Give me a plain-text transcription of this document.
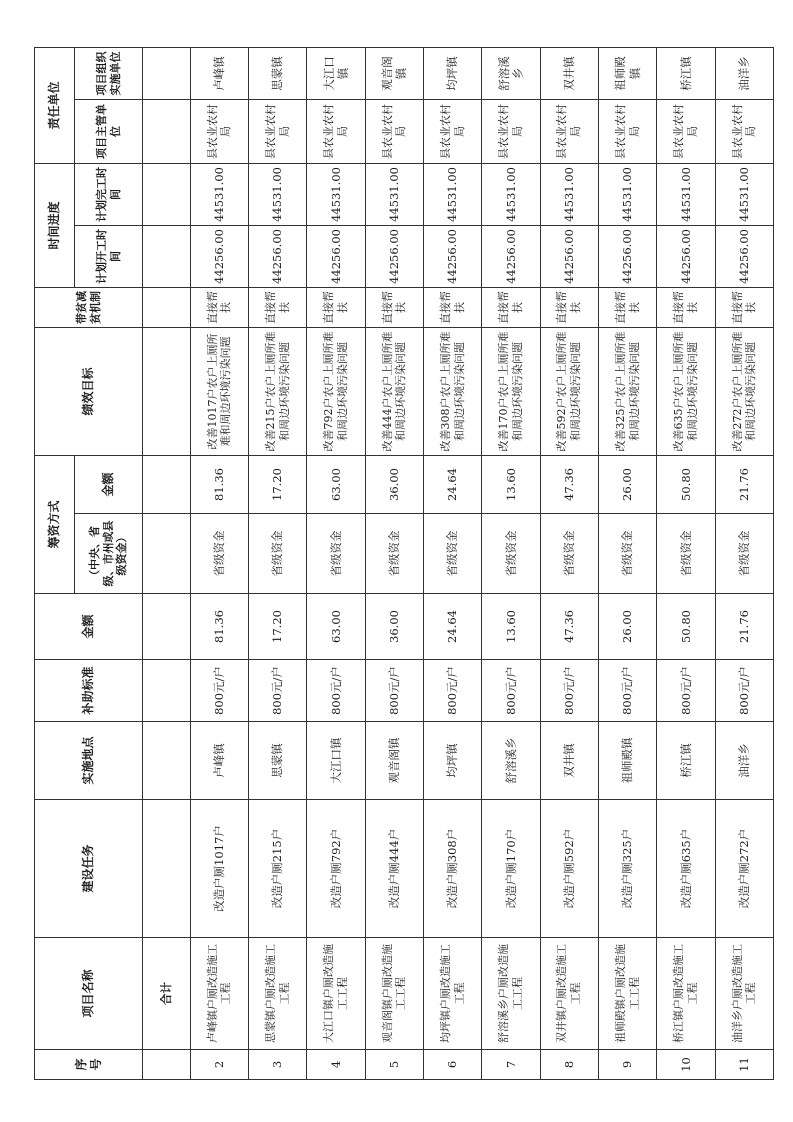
序号	项目名称	建设任务	实施地点	补助标准	金额	筹资方式		绩效目标	带贫减贫机制	时间进度		责任单位	
						（中央、省级、市州或县级资金）	金额			计划开工时间	计划完工时间	项目主管单位	项目组织实施单位
	合计												
2	卢峰镇户厕改造施工工程	改造户厕1017户	卢峰镇	800元/户	81.36	省级资金	81.36	改善1017户农户上厕所难和周边环境污染问题	直接帮扶	44256.00	44531.00	县农业农村局	卢峰镇
3	思蒙镇户厕改造施工工程	改造户厕215户	思蒙镇	800元/户	17.20	省级资金	17.20	改善215户农户上厕所难和周边环境污染问题	直接帮扶	44256.00	44531.00	县农业农村局	思蒙镇
4	大江口镇户厕改造施工工程	改造户厕792户	大江口镇	800元/户	63.00	省级资金	63.00	改善792户农户上厕所难和周边环境污染问题	直接帮扶	44256.00	44531.00	县农业农村局	大江口镇
5	观音阁镇户厕改造施工工程	改造户厕444户	观音阁镇	800元/户	36.00	省级资金	36.00	改善444户农户上厕所难和周边环境污染问题	直接帮扶	44256.00	44531.00	县农业农村局	观音阁镇
6	均坪镇户厕改造施工工程	改造户厕308户	均坪镇	800元/户	24.64	省级资金	24.64	改善308户农户上厕所难和周边环境污染问题	直接帮扶	44256.00	44531.00	县农业农村局	均坪镇
7	舒溶溪乡户厕改造施工工程	改造户厕170户	舒溶溪乡	800元/户	13.60	省级资金	13.60	改善170户农户上厕所难和周边环境污染问题	直接帮扶	44256.00	44531.00	县农业农村局	舒溶溪乡
8	双井镇户厕改造施工工程	改造户厕592户	双井镇	800元/户	47.36	省级资金	47.36	改善592户农户上厕所难和周边环境污染问题	直接帮扶	44256.00	44531.00	县农业农村局	双井镇
9	祖师殿镇户厕改造施工工程	改造户厕325户	祖师殿镇	800元/户	26.00	省级资金	26.00	改善325户农户上厕所难和周边环境污染问题	直接帮扶	44256.00	44531.00	县农业农村局	祖师殿镇
10	桥江镇户厕改造施工工程	改造户厕635户	桥江镇	800元/户	50.80	省级资金	50.80	改善635户农户上厕所难和周边环境污染问题	直接帮扶	44256.00	44531.00	县农业农村局	桥江镇
11	油洋乡户厕改造施工工程	改造户厕272户	油洋乡	800元/户	21.76	省级资金	21.76	改善272户农户上厕所难和周边环境污染问题	直接帮扶	44256.00	44531.00	县农业农村局	油洋乡
